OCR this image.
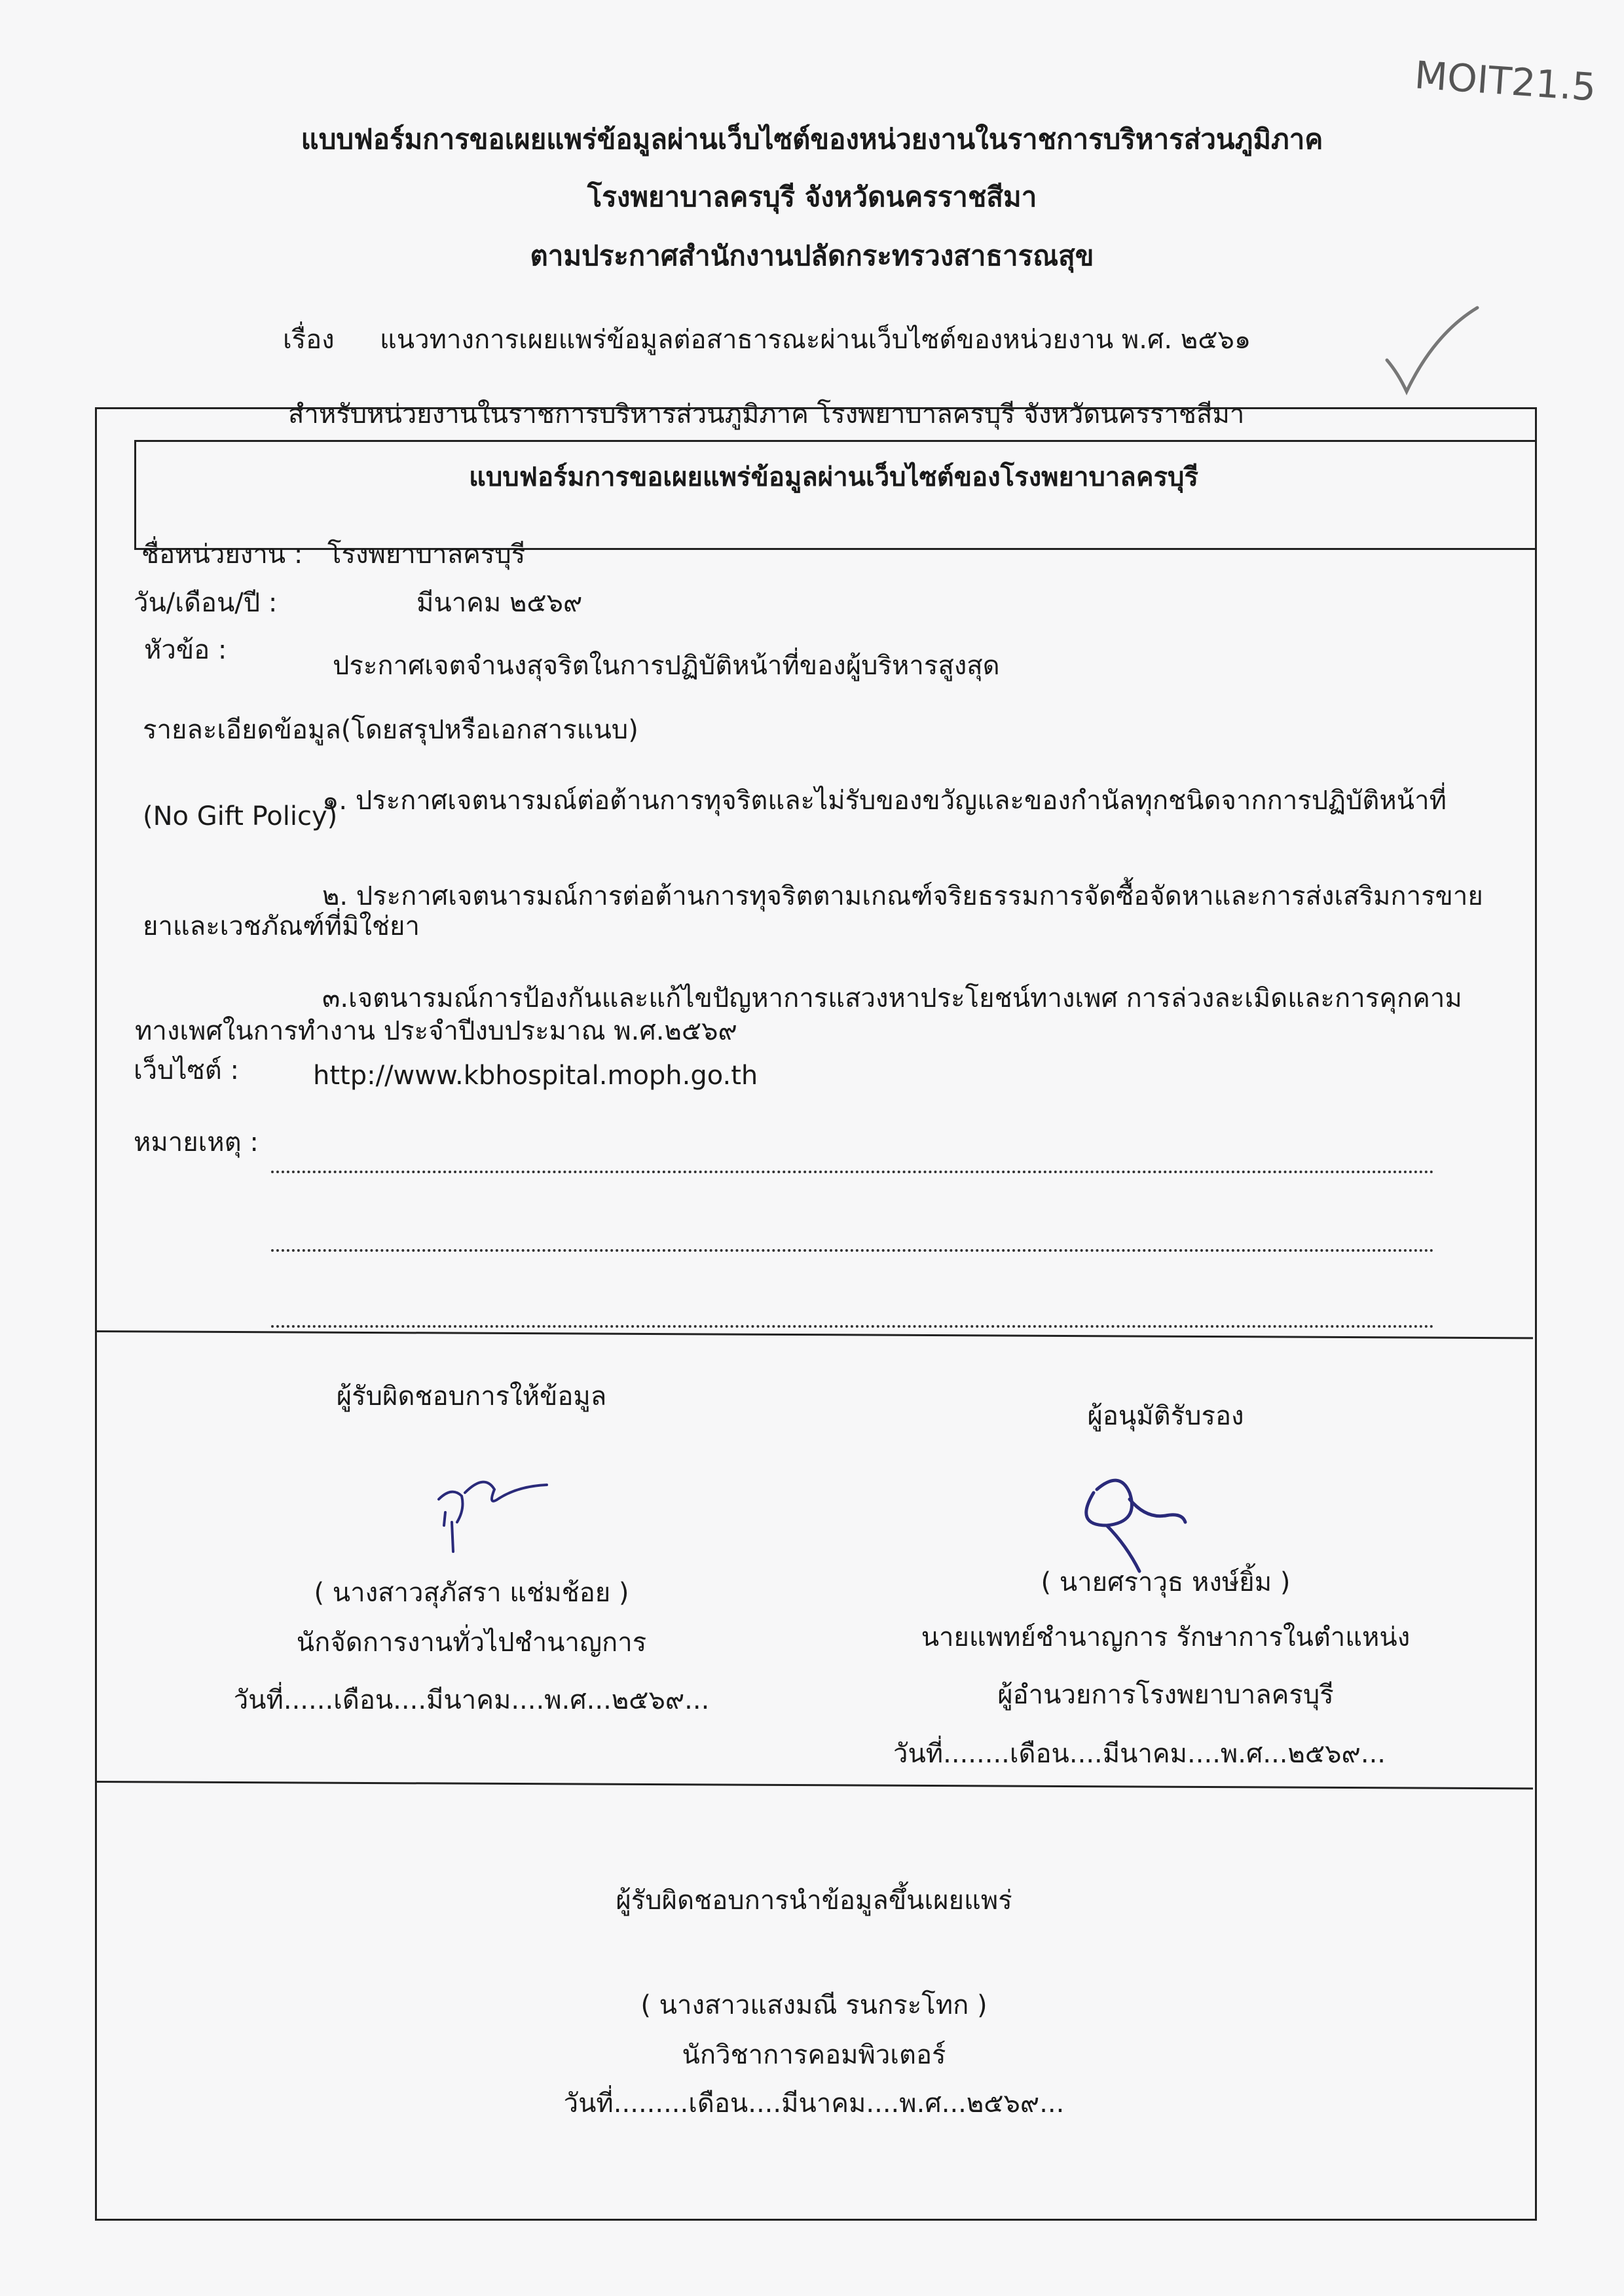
MOIT21.5
แบบฟอร์มการขอเผยแพร่ข้อมูลผ่านเว็บไซต์ของหน่วยงานในราชการบริหารส่วนภูมิภาค
โรงพยาบาลครบุรี จังหวัดนครราชสีมา
ตามประกาศสำนักงานปลัดกระทรวงสาธารณสุข
เรื่อง แนวทางการเผยแพร่ข้อมูลต่อสาธารณะผ่านเว็บไซต์ของหน่วยงาน พ.ศ. ๒๕๖๑
สำหรับหน่วยงานในราชการบริหารส่วนภูมิภาค โรงพยาบาลครบุรี จังหวัดนครราชสีมา
แบบฟอร์มการขอเผยแพร่ข้อมูลผ่านเว็บไซต์ของโรงพยาบาลครบุรี
ชื่อหน่วยงาน : โรงพยาบาลครบุรี
วัน/เดือน/ปี :	มีนาคม ๒๕๖๙
หัวข้อ :
ประกาศเจตจำนงสุจริตในการปฏิบัติหน้าที่ของผู้บริหารสูงสุด
รายละเอียดข้อมูล(โดยสรุปหรือเอกสารแนบ)
๑. ประกาศเจตนารมณ์ต่อต้านการทุจริตและไม่รับของขวัญและของกำนัลทุกชนิดจากการปฏิบัติหน้าที่
(No Gift Policy)
๒. ประกาศเจตนารมณ์การต่อต้านการทุจริตตามเกณฑ์จริยธรรมการจัดซื้อจัดหาและการส่งเสริมการขาย
ยาและเวชภัณฑ์ที่มิใช่ยา
๓.เจตนารมณ์การป้องกันและแก้ไขปัญหาการแสวงหาประโยชน์ทางเพศ การล่วงละเมิดและการคุกคาม
ทางเพศในการทำงาน ประจำปีงบประมาณ พ.ศ.๒๕๖๙
เว็บไซต์ :	http://www.kbhospital.moph.go.th
หมายเหตุ :
ผู้รับผิดชอบการให้ข้อมูล
( นางสาวสุภัสรา แช่มช้อย )
นักจัดการงานทั่วไปชำนาญการ
วันที่......เดือน....มีนาคม....พ.ศ...๒๕๖๙...
ผู้อนุมัติรับรอง
( นายศราวุธ หงษ์ยิ้ม )
นายแพทย์ชำนาญการ รักษาการในตำแหน่ง
ผู้อำนวยการโรงพยาบาลครบุรี
วันที่........เดือน....มีนาคม....พ.ศ...๒๕๖๙...
ผู้รับผิดชอบการนำข้อมูลขึ้นเผยแพร่
( นางสาวแสงมณี รนกระโทก )
นักวิชาการคอมพิวเตอร์
วันที่.........เดือน....มีนาคม....พ.ศ...๒๕๖๙...
